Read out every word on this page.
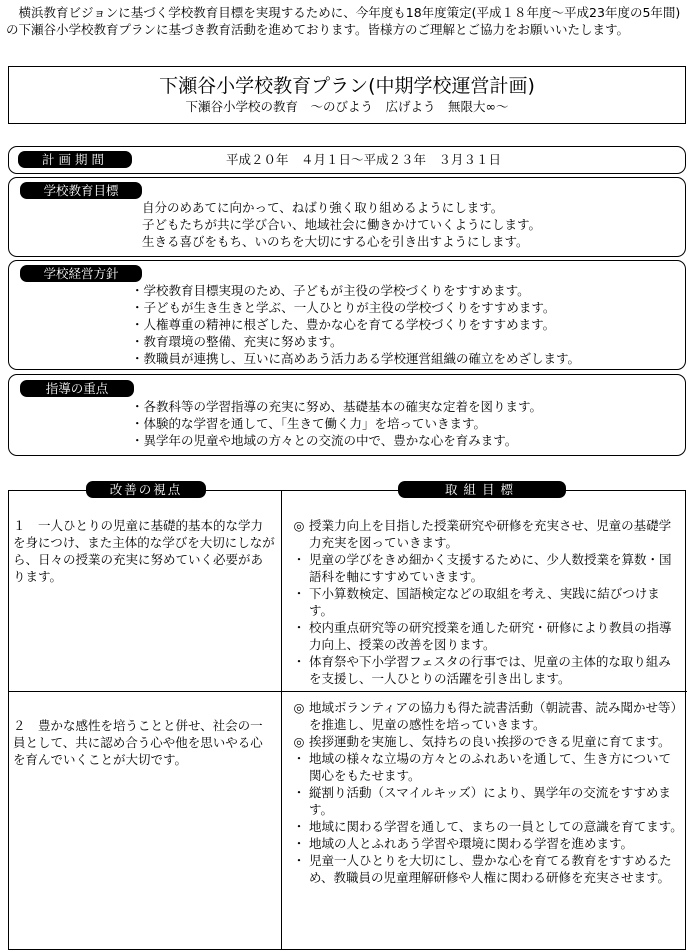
　横浜教育ビジョンに基づく学校教育目標を実現するために、今年度も18年度策定(平成１８年度〜平成23年度の5年間)の下瀬谷小学校教育プランに基づき教育活動を進めております。皆様方のご理解とご協力をお願いいたします。
下瀬谷小学校教育プラン(中期学校運営計画)
下瀬谷小学校の教育　〜のびよう　広げよう　無限大∞〜
計画期間	平成２０年　４月１日〜平成２３年　３月３１日
学校教育目標
自分のめあてに向かって、ねばり強く取り組めるようにします。
子どもたちが共に学び合い、地域社会に働きかけていくようにします。
生きる喜びをもち、いのちを大切にする心を引き出すようにします。
学校経営方針
・学校教育目標実現のため、子どもが主役の学校づくりをすすめます。
・子どもが生き生きと学ぶ、一人ひとりが主役の学校づくりをすすめます。
・人権尊重の精神に根ざした、豊かな心を育てる学校づくりをすすめます。
・教育環境の整備、充実に努めます。
・教職員が連携し、互いに高めあう活力ある学校運営組織の確立をめざします。
指導の重点
・各教科等の学習指導の充実に努め、基礎基本の確実な定着を図ります。
・体験的な学習を通して、「生きて働く力」を培っていきます。
・異学年の児童や地域の方々との交流の中で、豊かな心を育みます。
１　一人ひとりの児童に基礎的基本的な学力を身につけ、また主体的な学びを大切にしながら、日々の授業の充実に努めていく必要があります。
◎ 授業力向上を目指した授業研究や研修を充実させ、児童の基礎学力充実を図っていきます。
・ 児童の学びをきめ細かく支援するために、少人数授業を算数・国語科を軸にすすめていきます。
・ 下小算数検定、国語検定などの取組を考え、実践に結びつけます。
・ 校内重点研究等の研究授業を通した研究・研修により教員の指導力向上、授業の改善を図ります。
・ 体育祭や下小学習フェスタの行事では、児童の主体的な取り組みを支援し、一人ひとりの活躍を引き出します。
２　豊かな感性を培うことと併せ、社会の一員として、共に認め合う心や他を思いやる心を育んでいくことが大切です。
◎ 地域ボランティアの協力も得た読書活動（朝読書、読み聞かせ等）を推進し、児童の感性を培っていきます。
◎ 挨拶運動を実施し、気持ちの良い挨拶のできる児童に育てます。
・ 地域の様々な立場の方々とのふれあいを通して、生き方について関心をもたせます。
・ 縦割り活動（スマイルキッズ）により、異学年の交流をすすめます。
・ 地域に関わる学習を通して、まちの一員としての意識を育てます。
・ 地域の人とふれあう学習や環境に関わる学習を進めます。
・ 児童一人ひとりを大切にし、豊かな心を育てる教育をすすめるため、教職員の児童理解研修や人権に関わる研修を充実させます。
改善の視点	取組目標
